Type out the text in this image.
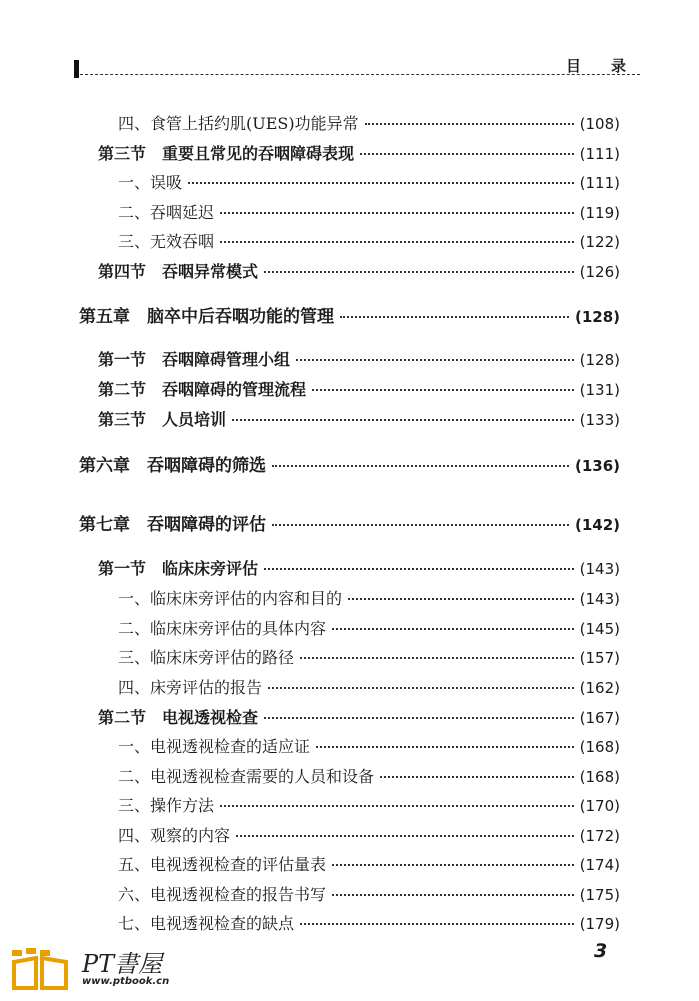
目录
四、食管上括约肌(UES)功能异常	(108)
第三节　重要且常见的吞咽障碍表现	(111)
一、误吸	(111)
二、吞咽延迟	(119)
三、无效吞咽	(122)
第四节　吞咽异常模式	(126)
第五章　脑卒中后吞咽功能的管理	(128)
第一节　吞咽障碍管理小组	(128)
第二节　吞咽障碍的管理流程	(131)
第三节　人员培训	(133)
第六章　吞咽障碍的筛选	(136)
第七章　吞咽障碍的评估	(142)
第一节　临床床旁评估	(143)
一、临床床旁评估的内容和目的	(143)
二、临床床旁评估的具体内容	(145)
三、临床床旁评估的路径	(157)
四、床旁评估的报告	(162)
第二节　电视透视检查	(167)
一、电视透视检查的适应证	(168)
二、电视透视检查需要的人员和设备	(168)
三、操作方法	(170)
四、观察的内容	(172)
五、电视透视检查的评估量表	(174)
六、电视透视检查的报告书写	(175)
七、电视透视检查的缺点	(179)
3
PT書屋
www.ptbook.cn
